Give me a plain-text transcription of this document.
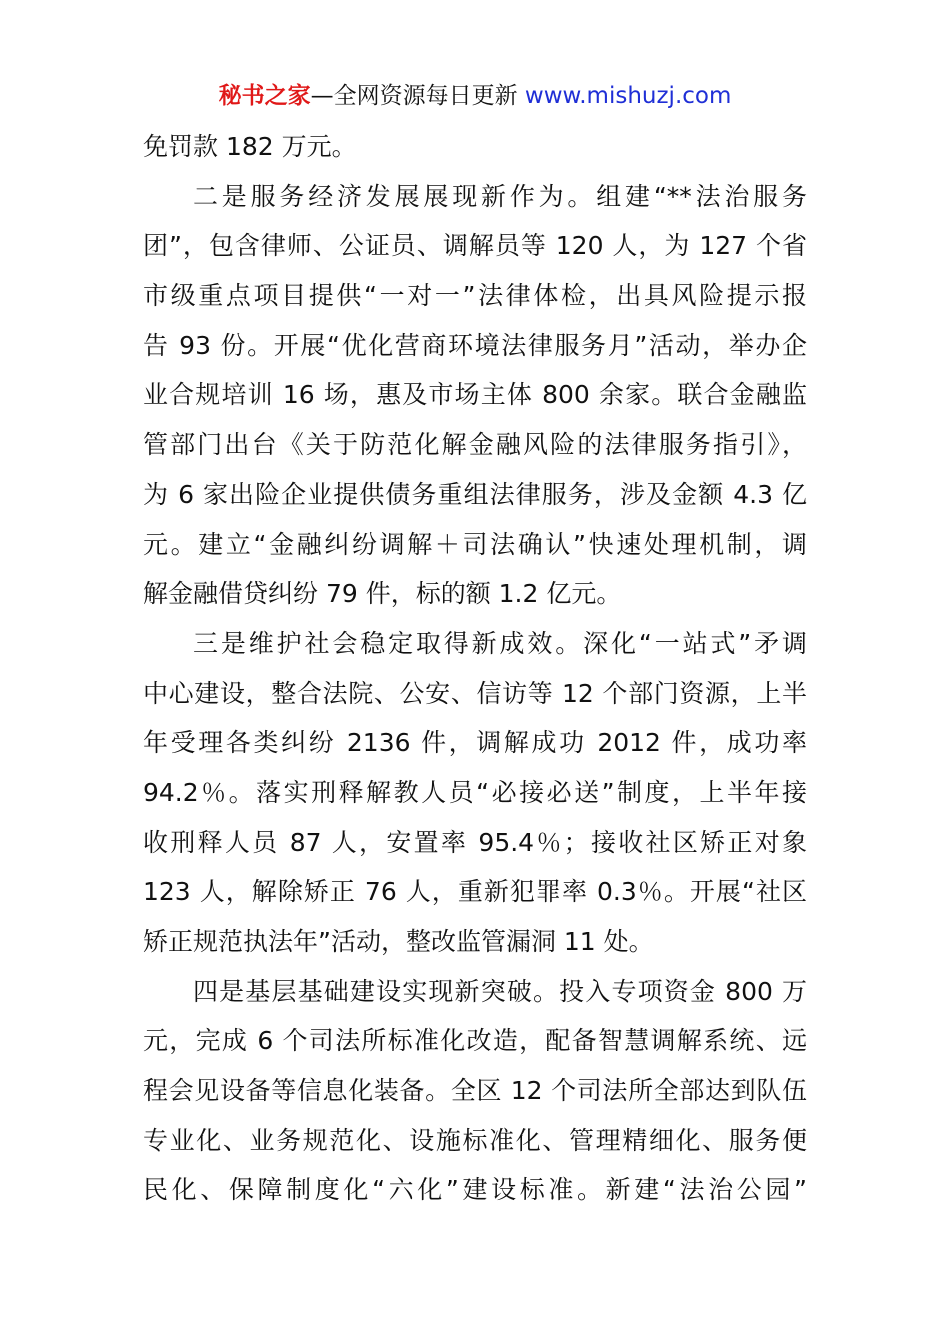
秘书之家—全网资源每日更新 www.mishuzj.com
免罚款 182 万元。
二是服务经济发展展现新作为。组建“**法治服务
团”，包含律师、公证员、调解员等 120 人，为 127 个省
市级重点项目提供“一对一”法律体检，出具风险提示报
告 93 份。开展“优化营商环境法律服务月”活动，举办企
业合规培训 16 场，惠及市场主体 800 余家。联合金融监
管部门出台《关于防范化解金融风险的法律服务指引》，
为 6 家出险企业提供债务重组法律服务，涉及金额 4.3 亿
元。建立“金融纠纷调解＋司法确认”快速处理机制，调
解金融借贷纠纷 79 件，标的额 1.2 亿元。
三是维护社会稳定取得新成效。深化“一站式”矛调
中心建设，整合法院、公安、信访等 12 个部门资源，上半
年受理各类纠纷 2136 件，调解成功 2012 件，成功率
94.2％。落实刑释解教人员“必接必送”制度，上半年接
收刑释人员 87 人，安置率 95.4％；接收社区矫正对象
123 人，解除矫正 76 人，重新犯罪率 0.3％。开展“社区
矫正规范执法年”活动，整改监管漏洞 11 处。
四是基层基础建设实现新突破。投入专项资金 800 万
元，完成 6 个司法所标准化改造，配备智慧调解系统、远
程会见设备等信息化装备。全区 12 个司法所全部达到队伍
专业化、业务规范化、设施标准化、管理精细化、服务便
民化、保障制度化“六化”建设标准。新建“法治公园”
